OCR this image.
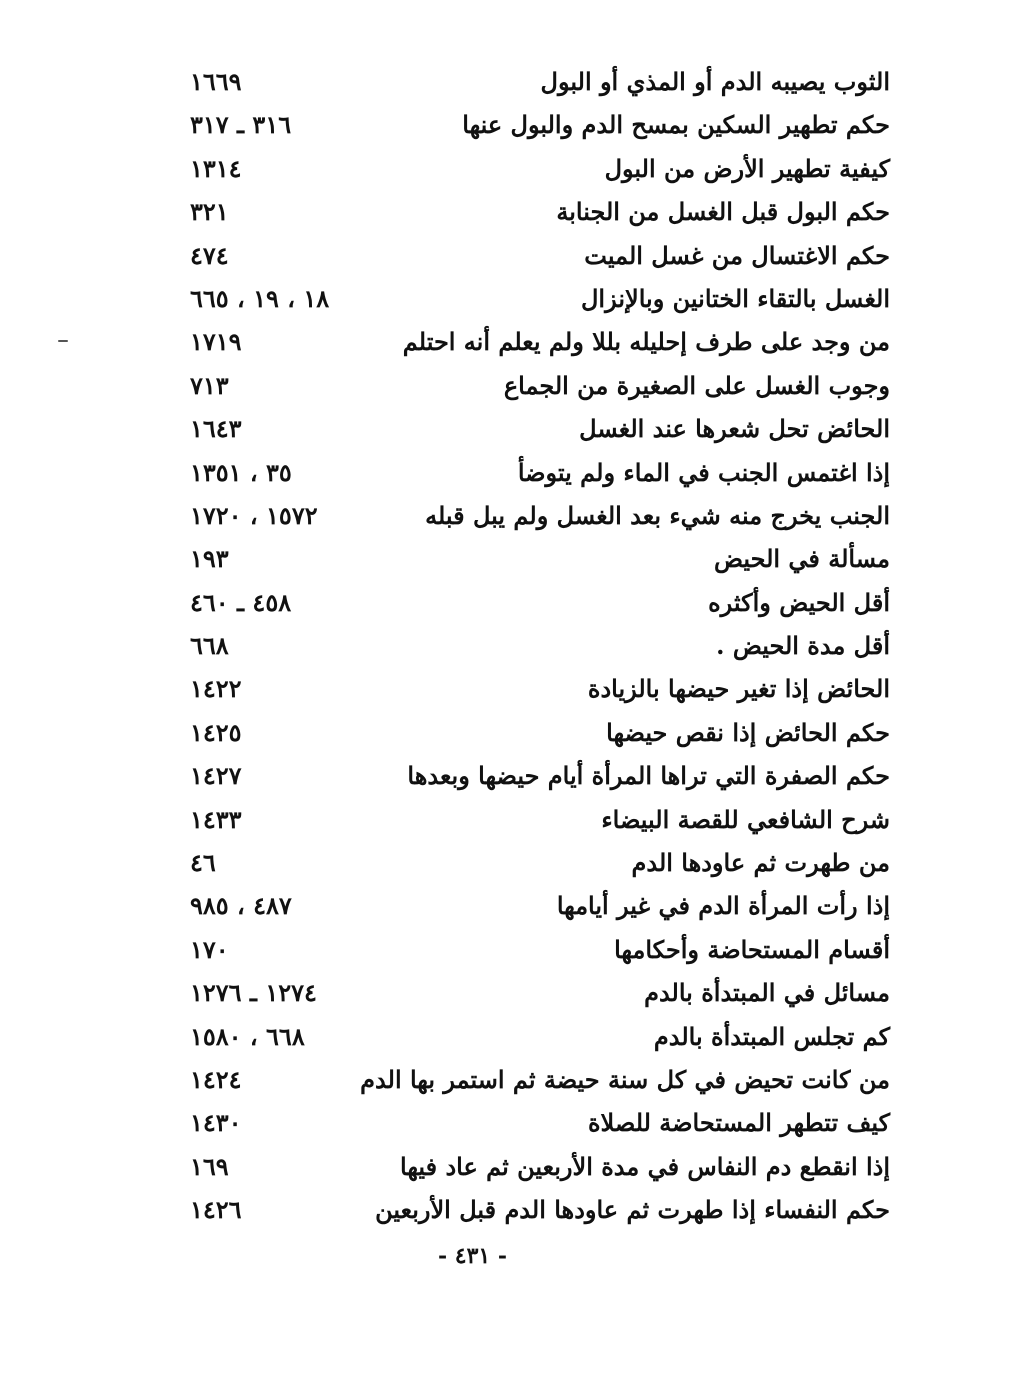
الثوب يصيبه الدم أو المذي أو البول
١٦٦٩
حكم تطهير السكين بمسح الدم والبول عنها
٣١٦ ـ ٣١٧
كيفية تطهير الأرض من البول
١٣١٤
حكم البول قبل الغسل من الجنابة
٣٢١
حكم الاغتسال من غسل الميت
٤٧٤
الغسل بالتقاء الختانين وبالإنزال
١٨ ، ١٩ ، ٦٦٥
من وجد على طرف إحليله بللا ولم يعلم أنه احتلم
١٧١٩
وجوب الغسل على الصغيرة من الجماع
٧١٣
الحائض تحل شعرها عند الغسل
١٦٤٣
إذا اغتمس الجنب في الماء ولم يتوضأ
٣٥ ، ١٣٥١
الجنب يخرج منه شيء بعد الغسل ولم يبل قبله
١٥٧٢ ، ١٧٢٠
مسألة في الحيض
١٩٣
أقل الحيض وأكثره
٤٥٨ ـ ٤٦٠
أقل مدة الحيض .
٦٦٨
الحائض إذا تغير حيضها بالزيادة
١٤٢٢
حكم الحائض إذا نقص حيضها
١٤٢٥
حكم الصفرة التي تراها المرأة أيام حيضها وبعدها
١٤٢٧
شرح الشافعي للقصة البيضاء
١٤٣٣
من طهرت ثم عاودها الدم
٤٦
إذا رأت المرأة الدم في غير أيامها
٤٨٧ ، ٩٨٥
أقسام المستحاضة وأحكامها
١٧٠
مسائل في المبتدأة بالدم
١٢٧٤ ـ ١٢٧٦
كم تجلس المبتدأة بالدم
٦٦٨ ، ١٥٨٠
من كانت تحيض في كل سنة حيضة ثم استمر بها الدم
١٤٢٤
كيف تتطهر المستحاضة للصلاة
١٤٣٠
إذا انقطع دم النفاس في مدة الأربعين ثم عاد فيها
١٦٩
حكم النفساء إذا طهرت ثم عاودها الدم قبل الأربعين
١٤٢٦
- ٤٣١ -
